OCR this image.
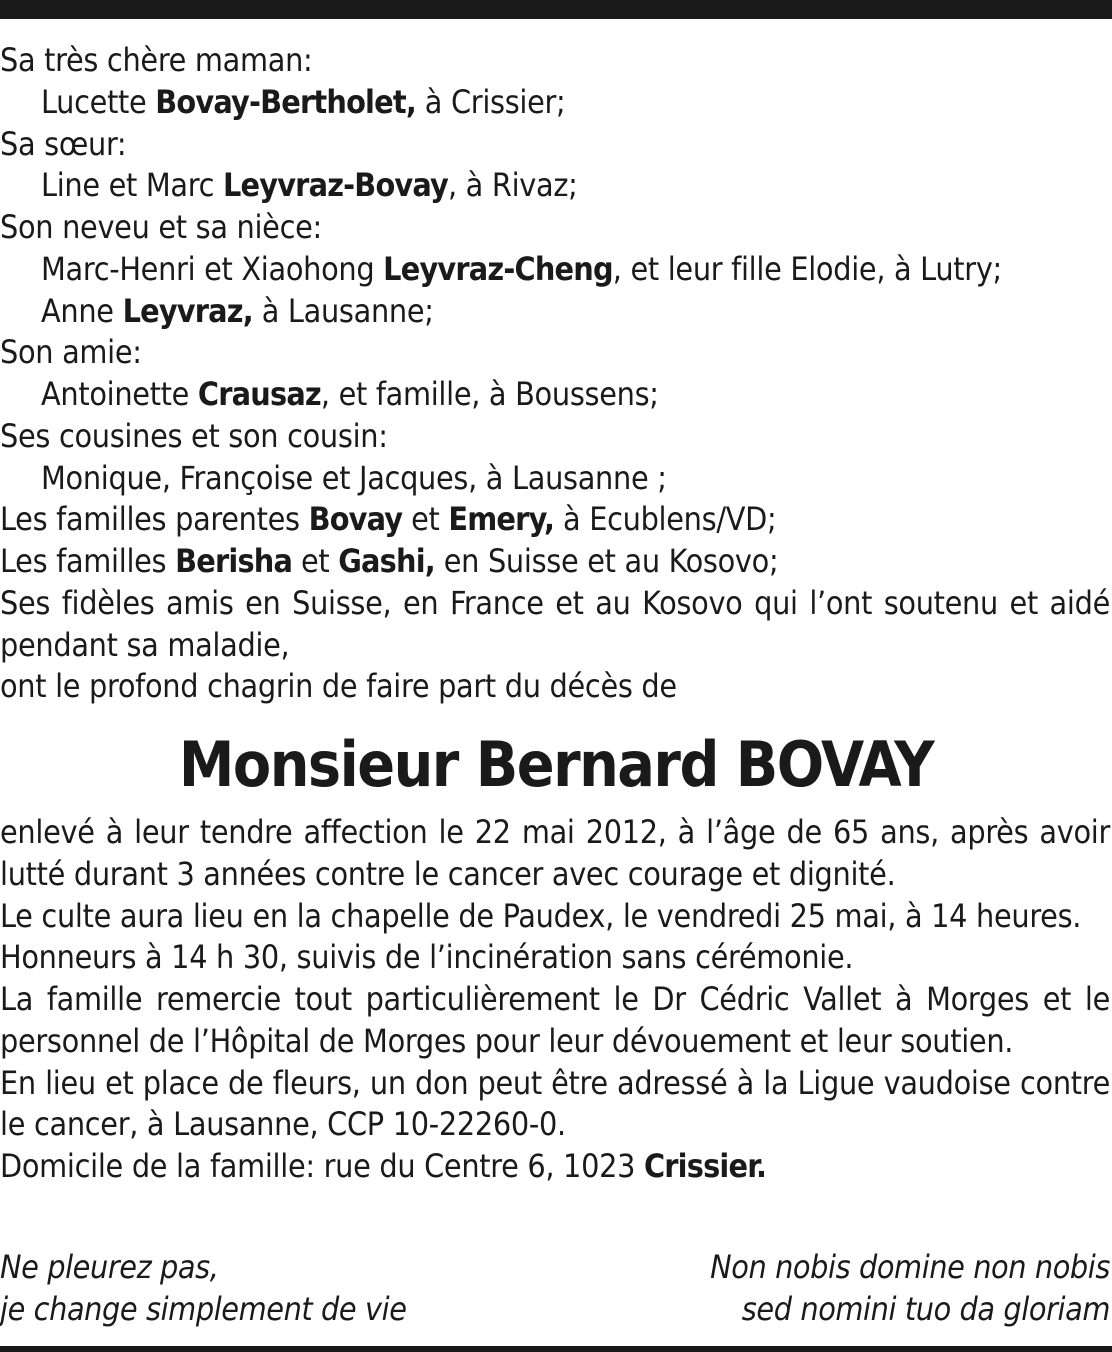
Sa très chère maman:
Lucette Bovay-Bertholet, à Crissier;
Sa sœur:
Line et Marc Leyvraz-Bovay, à Rivaz;
Son neveu et sa nièce:
Marc-Henri et Xiaohong Leyvraz-Cheng, et leur fille Elodie, à Lutry;
Anne Leyvraz, à Lausanne;
Son amie:
Antoinette Crausaz, et famille, à Boussens;
Ses cousines et son cousin:
Monique, Françoise et Jacques, à Lausanne ;
Les familles parentes Bovay et Emery, à Ecublens/VD;
Les familles Berisha et Gashi, en Suisse et au Kosovo;
Ses fidèles amis en Suisse, en France et au Kosovo qui l’ont soutenu et aidé pendant sa maladie,
ont le profond chagrin de faire part du décès de
Monsieur Bernard BOVAY
enlevé à leur tendre affection le 22 mai 2012, à l’âge de 65 ans, après avoir lutté durant 3 années contre le cancer avec courage et dignité.
Le culte aura lieu en la chapelle de Paudex, le vendredi 25 mai, à 14 heures.
Honneurs à 14 h 30, suivis de l’incinération sans cérémonie.
La famille remercie tout particulièrement le Dr Cédric Vallet à Morges et le personnel de l’Hôpital de Morges pour leur dévouement et leur soutien.
En lieu et place de fleurs, un don peut être adressé à la Ligue vaudoise contre le cancer, à Lausanne, CCP 10-22260-0.
Domicile de la famille: rue du Centre 6, 1023 Crissier.
Ne pleurez pas,
je change simplement de vie
Non nobis domine non nobis
sed nomini tuo da gloriam
